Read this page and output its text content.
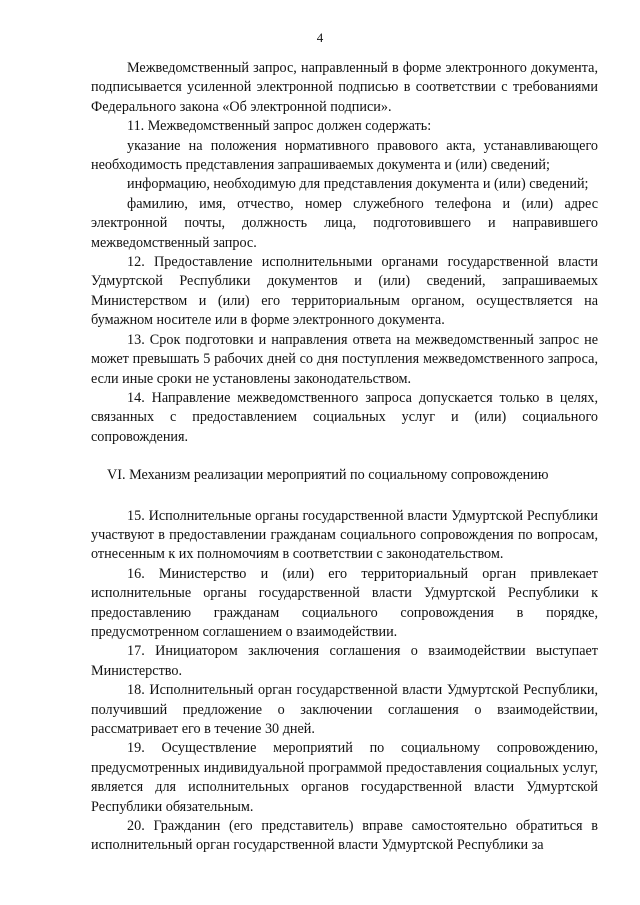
4

Межведомственный запрос, направленный в форме электронного документа, подписывается усиленной электронной подписью в соответствии с требованиями Федерального закона «Об электронной подписи».

11. Межведомственный запрос должен содержать:

указание на положения нормативного правового акта, устанавливающего необходимость представления запрашиваемых документа и (или) сведений;

информацию, необходимую для представления документа и (или) сведений;

фамилию, имя, отчество, номер служебного телефона и (или) адрес электронной почты, должность лица, подготовившего и направившего межведомственный запрос.

12. Предоставление исполнительными органами государственной власти Удмуртской Республики документов и (или) сведений, запрашиваемых Министерством и (или) его территориальным органом, осуществляется на бумажном носителе или в форме электронного документа.

13. Срок подготовки и направления ответа на межведомственный запрос не может превышать 5 рабочих дней со дня поступления межведомственного запроса, если иные сроки не установлены законодательством.

14. Направление межведомственного запроса допускается только в целях, связанных с предоставлением социальных услуг и (или) социального сопровождения.

VI. Механизм реализации мероприятий по социальному сопровождению

15. Исполнительные органы государственной власти Удмуртской Республики участвуют в предоставлении гражданам социального сопровождения по вопросам, отнесенным к их полномочиям в соответствии с законодательством.

16. Министерство и (или) его территориальный орган привлекает исполнительные органы государственной власти Удмуртской Республики к предоставлению гражданам социального сопровождения в порядке, предусмотренном соглашением о взаимодействии.

17. Инициатором заключения соглашения о взаимодействии выступает Министерство.

18. Исполнительный орган государственной власти Удмуртской Республики, получивший предложение о заключении соглашения о взаимодействии, рассматривает его в течение 30 дней.

19. Осуществление мероприятий по социальному сопровождению, предусмотренных индивидуальной программой предоставления социальных услуг, является для исполнительных органов государственной власти Удмуртской Республики обязательным.

20. Гражданин (его представитель) вправе самостоятельно обратиться в исполнительный орган государственной власти Удмуртской Республики за
